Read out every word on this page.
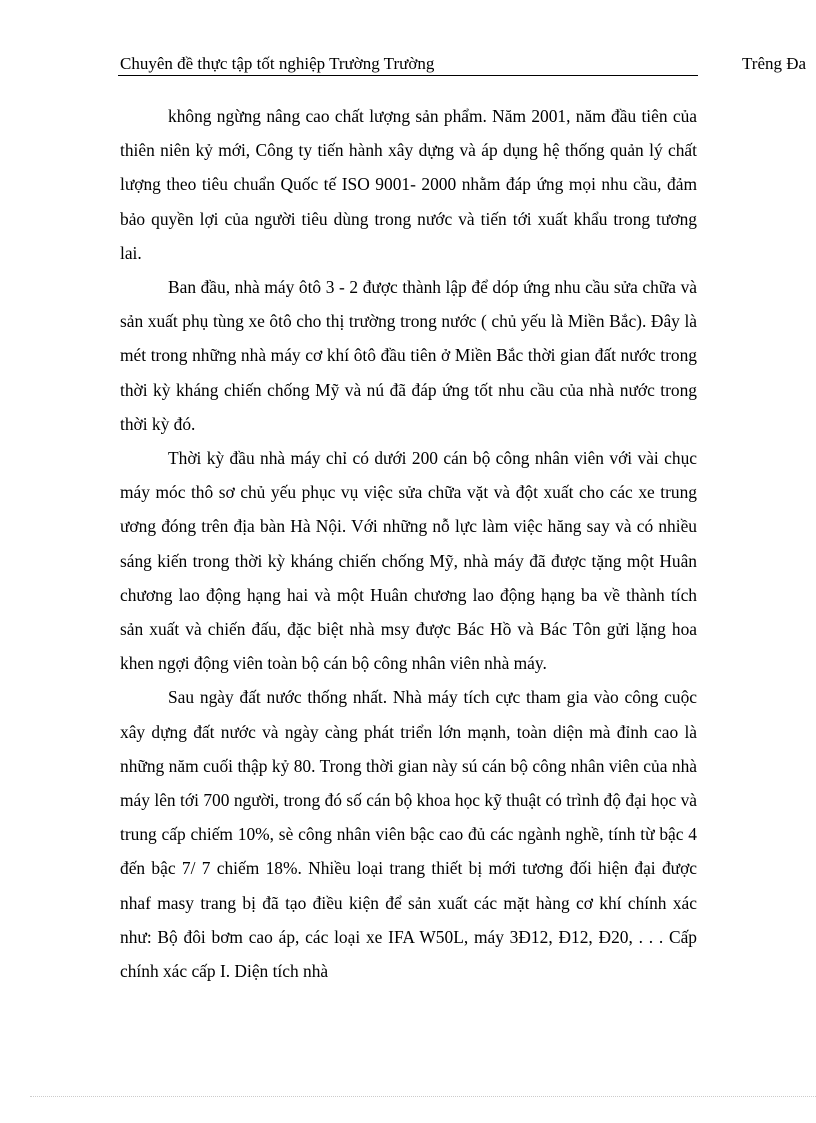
Chuyên đề thực tập tốt nghiệp Trường Trường	Trêng Đa

không ngừng nâng cao chất lượng sản phẩm. Năm 2001, năm đầu tiên của thiên niên kỷ mới, Công ty tiến hành xây dựng và áp dụng hệ thống quản lý chất lượng theo tiêu chuẩn Quốc tế ISO 9001- 2000 nhằm đáp ứng mọi nhu cầu, đảm bảo quyền lợi của người tiêu dùng trong nước và tiến tới xuất khẩu trong tương lai.

Ban đầu, nhà máy ôtô 3 - 2 được thành lập để dóp ứng nhu cầu sửa chữa và sản xuất phụ tùng xe ôtô cho thị trường trong nước ( chủ yếu là Miền Bắc). Đây là mét trong những nhà máy cơ khí ôtô đầu tiên ở Miền Bắc thời gian đất nước trong thời kỳ kháng chiến chống Mỹ và nú đã đáp ứng tốt nhu cầu của nhà nước trong thời kỳ đó.

Thời kỳ đầu nhà máy chỉ có dưới 200 cán bộ công nhân viên với vài chục máy móc thô sơ chủ yếu phục vụ việc sửa chữa vặt và đột xuất cho các xe trung ương đóng trên địa bàn Hà Nội. Với những nỗ lực làm việc hăng say và có nhiều sáng kiến trong thời kỳ kháng chiến chống Mỹ, nhà máy đã được tặng một Huân chương lao động hạng hai và một Huân chương lao động hạng ba về thành tích sản xuất và chiến đấu, đặc biệt nhà msy được Bác Hồ và Bác Tôn gửi lặng hoa khen ngợi động viên toàn bộ cán bộ công nhân viên nhà máy.

Sau ngày đất nước thống nhất. Nhà máy tích cực tham gia vào công cuộc xây dựng đất nước và ngày càng phát triển lớn mạnh, toàn diện mà đỉnh cao là những năm cuối thập kỷ 80. Trong thời gian này sú cán bộ công nhân viên của nhà máy lên tới 700 người, trong đó số cán bộ khoa học kỹ thuật có trình độ đại học và trung cấp chiếm 10%, sè công nhân viên bậc cao đủ các ngành nghề, tính từ bậc 4 đến bậc 7/ 7 chiếm 18%. Nhiều loại trang thiết bị mới tương đối hiện đại được nhaf masy trang bị đã tạo điều kiện để sản xuất các mặt hàng cơ khí chính xác như: Bộ đôi bơm cao áp, các loại xe IFA W50L, máy 3Đ12, Đ12, Đ20, . . . Cấp chính xác cấp I. Diện tích nhà
